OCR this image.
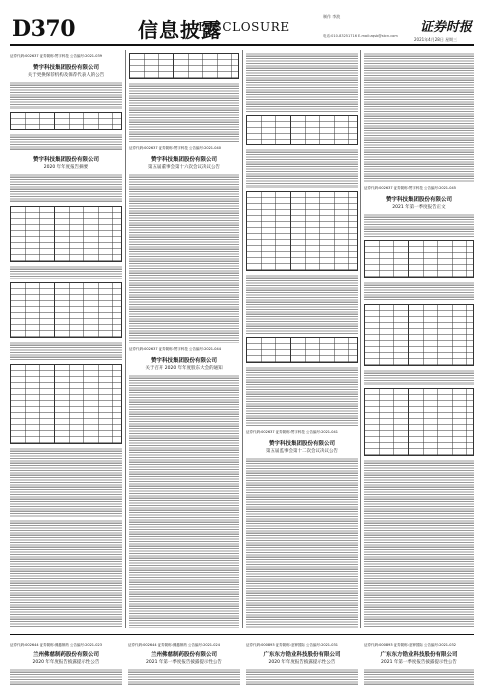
D370	信息披露
DISCLOSURE
制作 李波
电话:010-83251716 E-mail:zqsb@stcn.com
证券时报
2021年4月28日 星期三
证券代码:002637 证券简称:赞宇科技 公告编号:2021-039
赞宇科技集团股份有限公司
关于更换保荐机构及保荐代表人的公告
赞宇科技集团股份有限公司
2020 年年度报告摘要
证券代码:002637 证券简称:赞宇科技 公告编号:2021-040
赞宇科技集团股份有限公司
第五届董事会第十六次会议决议公告
证券代码:002637 证券简称:赞宇科技 公告编号:2021-044
赞宇科技集团股份有限公司
关于召开 2020 年年度股东大会的通知
证券代码:002637 证券简称:赞宇科技 公告编号:2021-041
赞宇科技集团股份有限公司
第五届监事会第十二次会议决议公告
证券代码:002637 证券简称:赞宇科技 公告编号:2021-045
赞宇科技集团股份有限公司
2021 年第一季度报告正文
证券代码:002644 证券简称:佛慈制药 公告编号:2021-023
兰州佛慈制药股份有限公司
2020 年年度报告披露提示性公告
证券代码:002644 证券简称:佛慈制药 公告编号:2021-024
兰州佛慈制药股份有限公司
2021 年第一季度报告披露提示性公告
证券代码:000893 证券简称:亚钾国际 公告编号:2021-031
广东东方锆业科技股份有限公司
2020 年年度报告披露提示性公告
证券代码:000893 证券简称:亚钾国际 公告编号:2021-032
广东东方锆业科技股份有限公司
2021 年第一季度报告披露提示性公告
